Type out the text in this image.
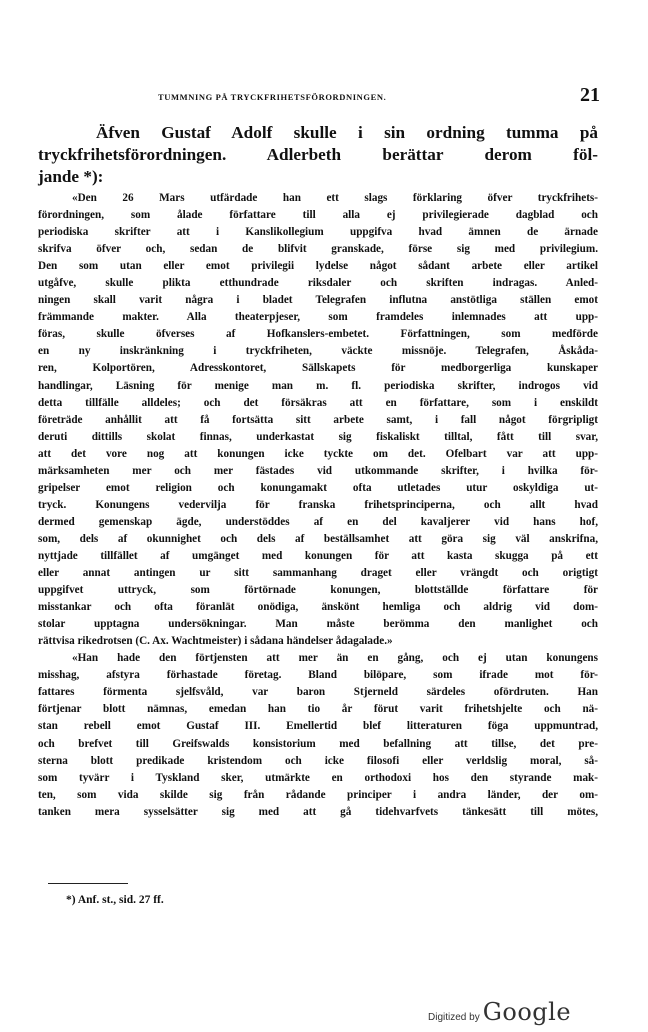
TUMMNING PÅ TRYCKFRIHETSFÖRORDNINGEN.	21
Äfven Gustaf Adolf skulle i sin ordning tumma på
tryckfrihetsförordningen. Adlerbeth berättar derom föl-
jande *):
«Den 26 Mars utfärdade han ett slags förklaring öfver tryckfrihets-
förordningen, som ålade författare till alla ej privilegierade dagblad och
periodiska skrifter att i Kanslikollegium uppgifva hvad ämnen de ärnade
skrifva öfver och, sedan de blifvit granskade, förse sig med privilegium.
Den som utan eller emot privilegii lydelse något sådant arbete eller artikel
utgåfve, skulle plikta etthundrade riksdaler och skriften indragas. Anled-
ningen skall varit några i bladet Telegrafen influtna anstötliga ställen emot
främmande makter. Alla theaterpjeser, som framdeles inlemnades att upp-
föras, skulle öfverses af Hofkanslers-embetet. Författningen, som medförde
en ny inskränkning i tryckfriheten, väckte missnöje. Telegrafen, Åskåda-
ren, Kolportören, Adresskontoret, Sällskapets för medborgerliga kunskaper
handlingar, Läsning för menige man m. fl. periodiska skrifter, indrogos vid
detta tillfälle alldeles; och det försäkras att en författare, som i enskildt
företräde anhållit att få fortsätta sitt arbete samt, i fall något förgripligt
deruti dittills skolat finnas, underkastat sig fiskaliskt tilltal, fått till svar,
att det vore nog att konungen icke tyckte om det. Ofelbart var att upp-
märksamheten mer och mer fästades vid utkommande skrifter, i hvilka för-
gripelser emot religion och konungamakt ofta utletades utur oskyldiga ut-
tryck. Konungens vedervilja för franska frihetsprinciperna, och allt hvad
dermed gemenskap ägde, understöddes af en del kavaljerer vid hans hof,
som, dels af okunnighet och dels af beställsamhet att göra sig väl anskrifna,
nyttjade tillfället af umgänget med konungen för att kasta skugga på ett
eller annat antingen ur sitt sammanhang draget eller vrängdt och origtigt
uppgifvet uttryck, som förtörnade konungen, blottställde författare för
misstankar och ofta föranlät onödiga, änskönt hemliga och aldrig vid dom-
stolar upptagna undersökningar. Man måste berömma den manlighet och
rättvisa rikedrotsen (C. Ax. Wachtmeister) i sådana händelser ådagalade.»
«Han hade den förtjensten att mer än en gång, och ej utan konungens
misshag, afstyra förhastade företag. Bland bilöpare, som ifrade mot för-
fattares förmenta sjelfsvåld, var baron Stjerneld särdeles ofördruten. Han
förtjenar blott nämnas, emedan han tio år förut varit frihetshjelte och nä-
stan rebell emot Gustaf III. Emellertid blef litteraturen föga uppmuntrad,
och brefvet till Greifswalds konsistorium med befallning att tillse, det pre-
sterna blott predikade kristendom och icke filosofi eller verldslig moral, så-
som tyvärr i Tyskland sker, utmärkte en orthodoxi hos den styrande mak-
ten, som vida skilde sig från rådande principer i andra länder, der om-
tanken mera sysselsätter sig med att gå tidehvarfvets tänkesätt till mötes,
*) Anf. st., sid. 27 ff.
Digitized by Google
